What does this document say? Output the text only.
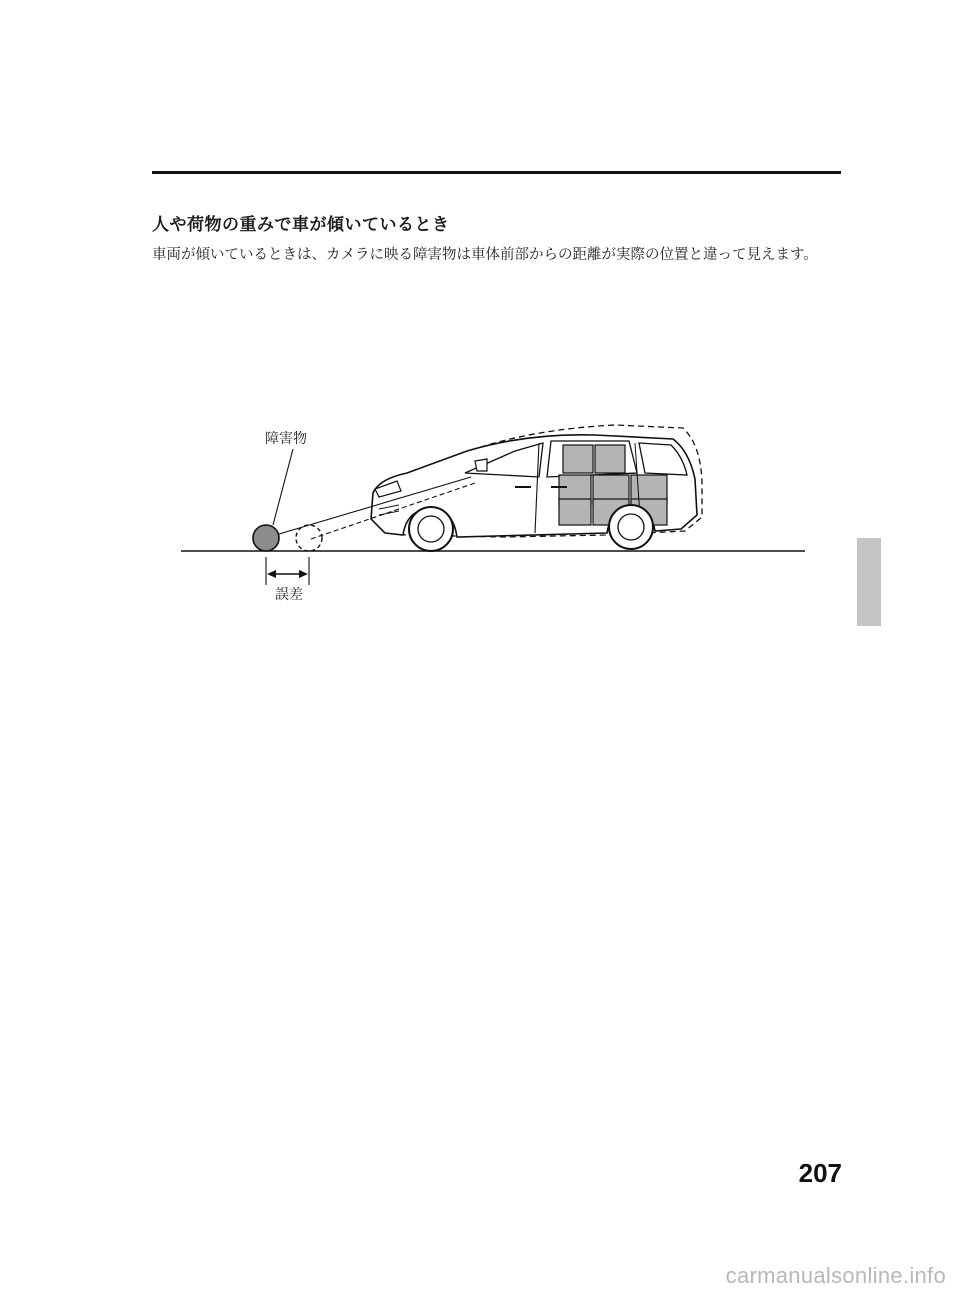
人や荷物の重みで車が傾いているとき

車両が傾いているときは、カメラに映る障害物は車体前部からの距離が実際の位置と違って見えます。

障害物
誤差
207
carmanualsonline.info
